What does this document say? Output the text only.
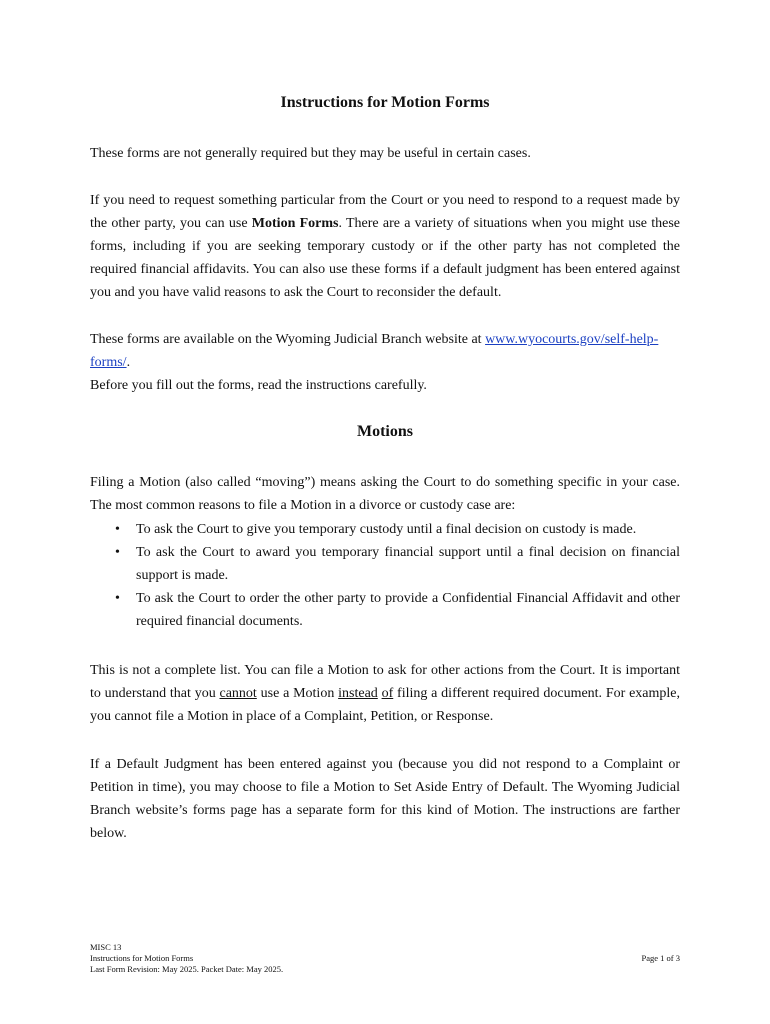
Instructions for Motion Forms
These forms are not generally required but they may be useful in certain cases.
If you need to request something particular from the Court or you need to respond to a request made by the other party, you can use Motion Forms. There are a variety of situations when you might use these forms, including if you are seeking temporary custody or if the other party has not completed the required financial affidavits. You can also use these forms if a default judgment has been entered against you and you have valid reasons to ask the Court to reconsider the default.
These forms are available on the Wyoming Judicial Branch website at www.wyocourts.gov/self-help-forms/.
Before you fill out the forms, read the instructions carefully.
Motions
Filing a Motion (also called “moving”) means asking the Court to do something specific in your case. The most common reasons to file a Motion in a divorce or custody case are:
• To ask the Court to give you temporary custody until a final decision on custody is made.
• To ask the Court to award you temporary financial support until a final decision on financial support is made.
• To ask the Court to order the other party to provide a Confidential Financial Affidavit and other required financial documents.
This is not a complete list. You can file a Motion to ask for other actions from the Court. It is important to understand that you cannot use a Motion instead of filing a different required document. For example, you cannot file a Motion in place of a Complaint, Petition, or Response.
If a Default Judgment has been entered against you (because you did not respond to a Complaint or Petition in time), you may choose to file a Motion to Set Aside Entry of Default. The Wyoming Judicial Branch website’s forms page has a separate form for this kind of Motion. The instructions are farther below.
MISC 13
Instructions for Motion Forms
Last Form Revision: May 2025. Packet Date: May 2025.
Page 1 of 3
